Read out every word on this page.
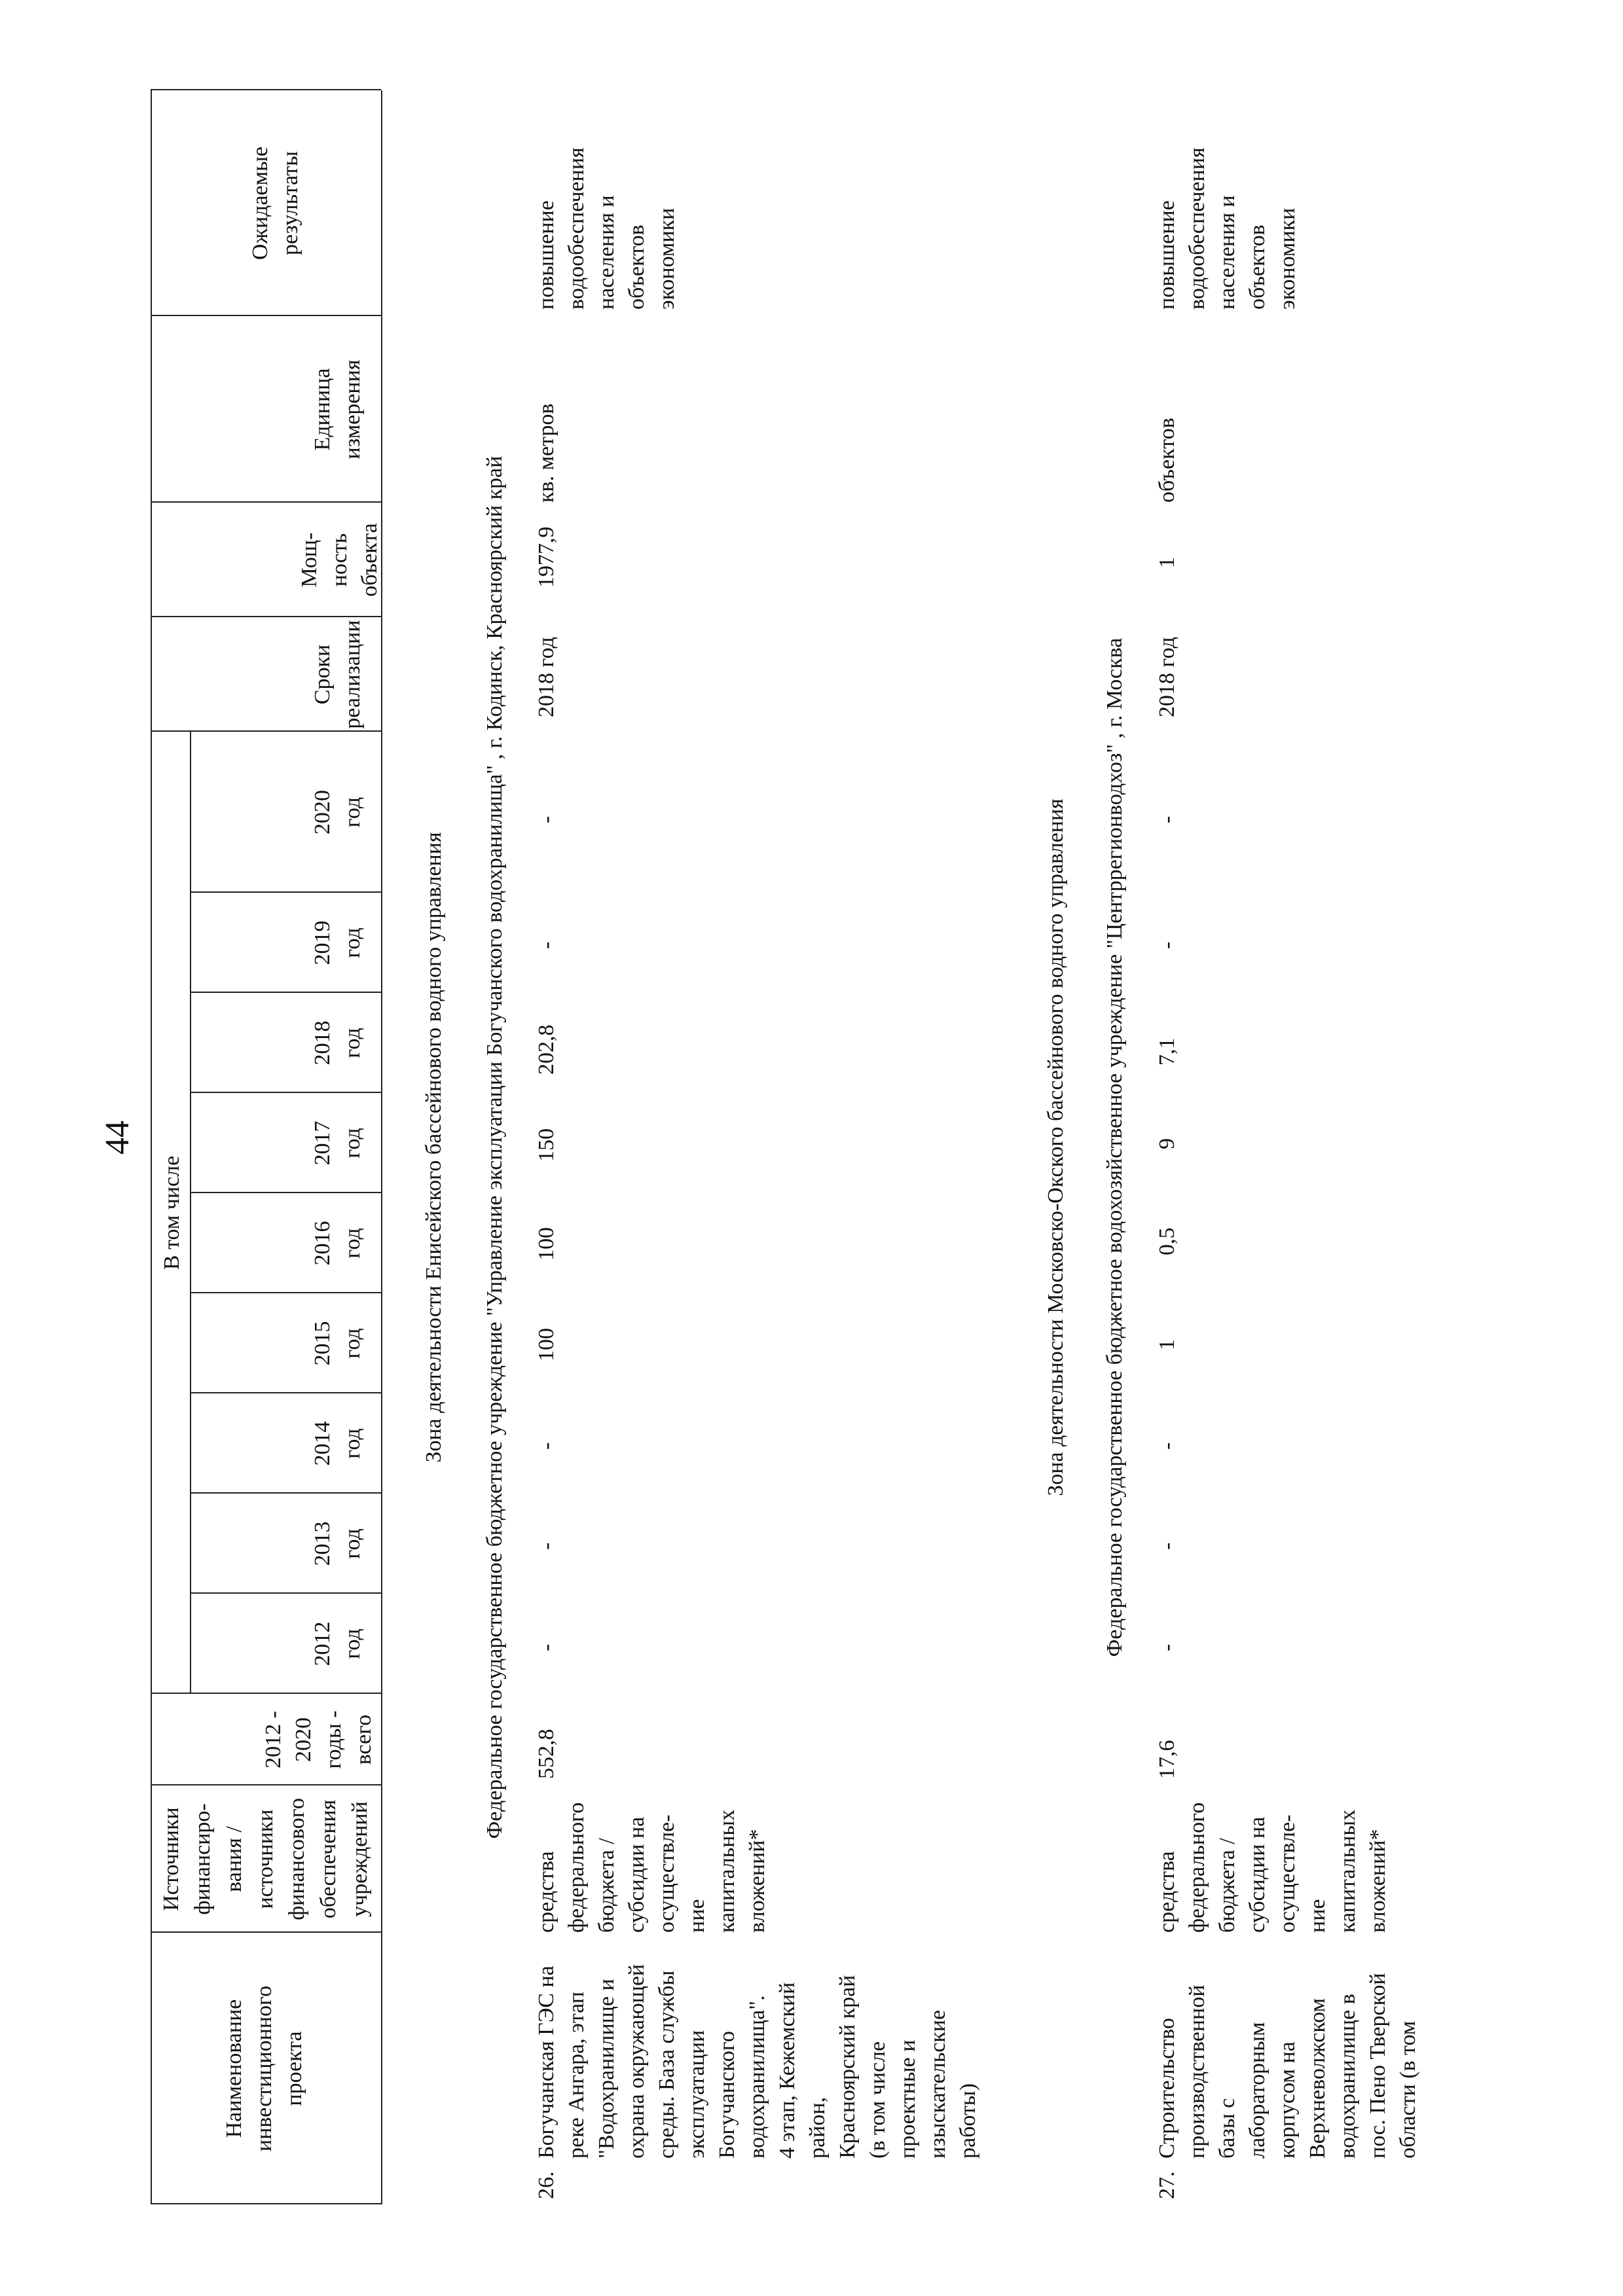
44
Наименование
инвестиционного
проекта
Источники
финансиро-
вания /
источники
финансового
обеспечения
учреждений
2012 -
2020
годы -
всего
В том числе
2012
год
2013
год
2014
год
2015
год
2016
год
2017
год
2018
год
2019
год
2020
год
Сроки
реализации
Мощ-
ность
объекта
Единица
измерения
Ожидаемые
результаты
Зона деятельности Енисейского бассейнового водного управления Федеральное государственное бюджетное учреждение "Управление эксплуатации Богучанского водохранилища" , г. Кодинск, Красноярский край
26.
Богучанская ГЭС на
реке Ангара, этап
"Водохранилище и
охрана окружающей
среды. База службы
эксплуатации
Богучанского
водохранилища".
4 этап, Кежемский
район,
Красноярский край
(в том числе
проектные и
изыскательские
работы)
средства
федерального
бюджета /
субсидии на
осуществле-
ние
капитальных
вложений*
552,8
-
-
-
100
100
150
202,8
-
-
2018 год
1977,9
кв. метров
повышение
водообеспечения
населения и
объектов
экономики
Зона деятельности Московско-Окского бассейнового водного управления Федеральное государственное бюджетное водохозяйственное учреждение "Центррегионводхоз" , г. Москва
27.
Строительство
производственной
базы с
лабораторным
корпусом на
Верхневолжском
водохранилище в
пос. Пено Тверской
области (в том
средства
федерального
бюджета /
субсидии на
осуществле-
ние
капитальных
вложений*
17,6
-
-
-
1
0,5
9
7,1
-
-
2018 год
1
объектов
повышение
водообеспечения
населения и
объектов
экономики
